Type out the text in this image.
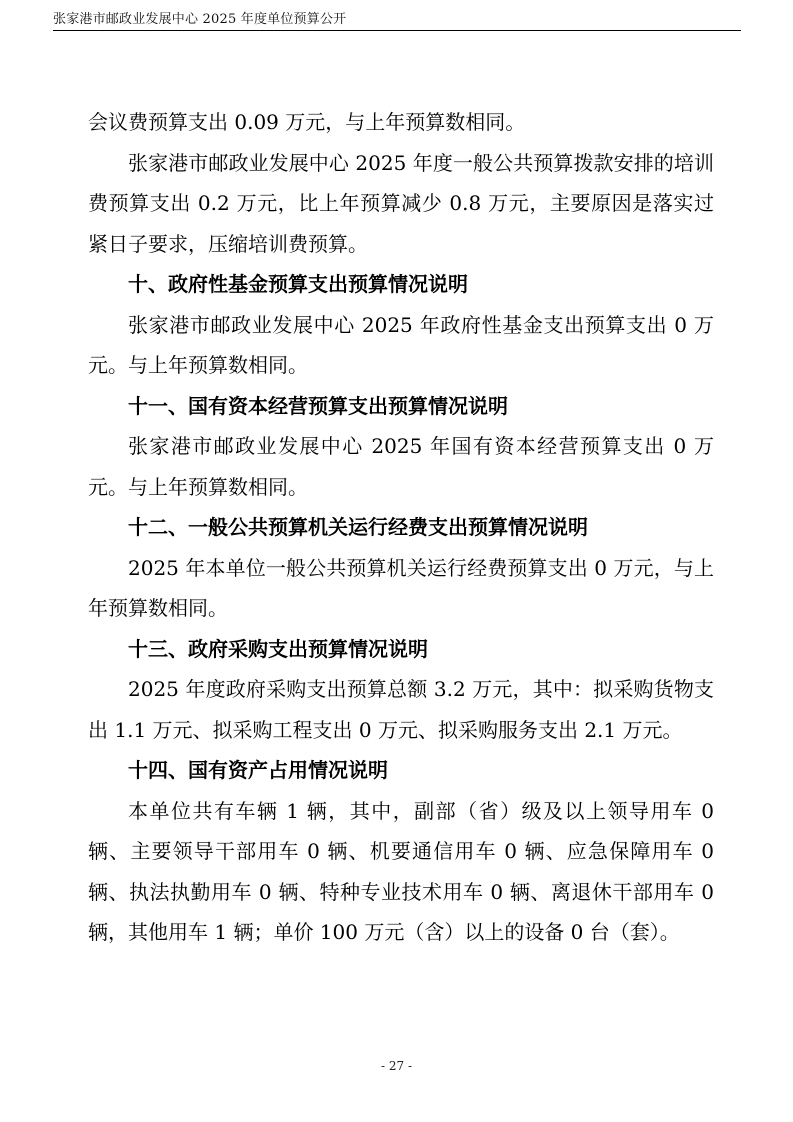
张家港市邮政业发展中心 2025 年度单位预算公开

会议费预算支出 0.09 万元，与上年预算数相同。

张家港市邮政业发展中心 2025 年度一般公共预算拨款安排的培训费预算支出 0.2 万元，比上年预算减少 0.8 万元，主要原因是落实过紧日子要求，压缩培训费预算。

十、政府性基金预算支出预算情况说明

张家港市邮政业发展中心 2025 年政府性基金支出预算支出 0 万元。与上年预算数相同。

十一、国有资本经营预算支出预算情况说明

张家港市邮政业发展中心 2025 年国有资本经营预算支出 0 万元。与上年预算数相同。

十二、一般公共预算机关运行经费支出预算情况说明

2025 年本单位一般公共预算机关运行经费预算支出 0 万元，与上年预算数相同。

十三、政府采购支出预算情况说明

2025 年度政府采购支出预算总额 3.2 万元，其中：拟采购货物支出 1.1 万元、拟采购工程支出 0 万元、拟采购服务支出 2.1 万元。

十四、国有资产占用情况说明

本单位共有车辆 1 辆，其中，副部（省）级及以上领导用车 0 辆、主要领导干部用车 0 辆、机要通信用车 0 辆、应急保障用车 0 辆、执法执勤用车 0 辆、特种专业技术用车 0 辆、离退休干部用车 0 辆，其他用车 1 辆；单价 100 万元（含）以上的设备 0 台（套）。

- 27 -
